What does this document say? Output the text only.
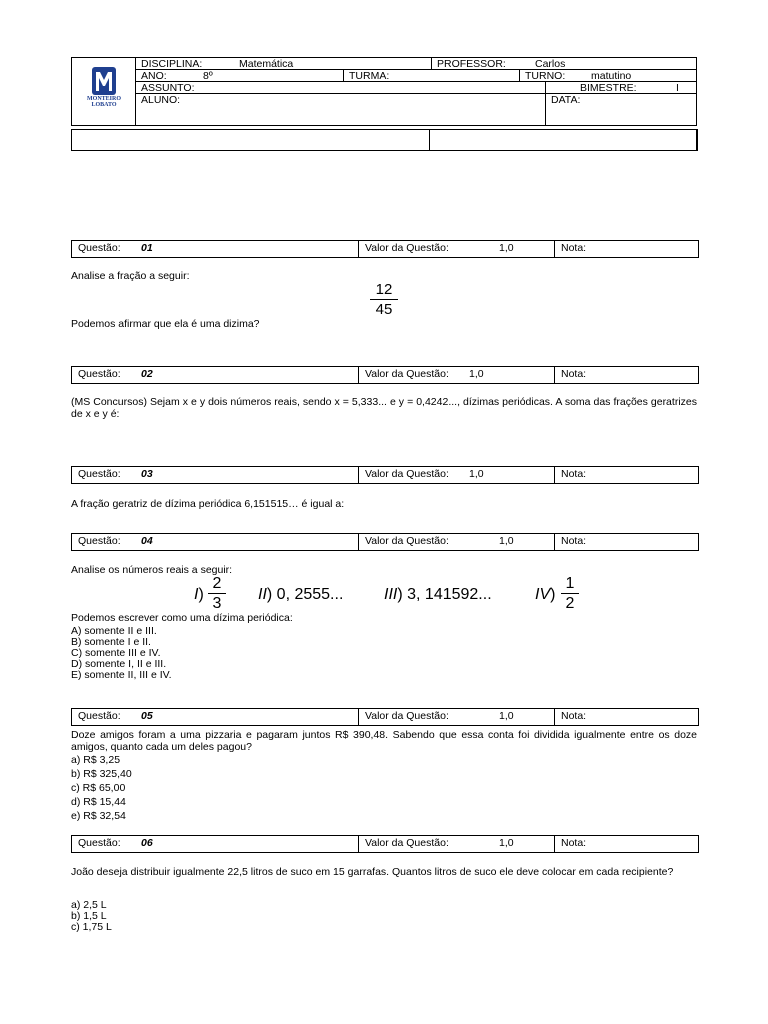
MONTEIRO
LOBATO
DISCIPLINA:	Matemática	PROFESSOR:	Carlos
ANO:	8º	TURMA:	TURNO: matutino
ASSUNTO:	BIMESTRE:	I
ALUNO:	DATA:
Questão: 01	Valor da Questão:	1,0	Nota:
Analise a fração a seguir:
12
45
Podemos afirmar que ela é uma dizima?
Questão: 02	Valor da Questão: 1,0	Nota:

(MS Concursos) Sejam x e y dois números reais, sendo x = 5,333... e y = 0,4242..., dízimas periódicas. A soma das frações geratrizes de x e y é:

Questão: 03	Valor da Questão: 1,0	Nota:
A fração geratriz de dízima periódica 6,151515… é igual a:
Questão: 04	Valor da Questão:	1,0	Nota:
Analise os números reais a seguir:
I)
2
3
II) 0, 2555...	III) 3, 141592...	IV)
1
2
Podemos escrever como uma dízima periódica:
A) somente II e III.
B) somente I e II.
C) somente III e IV.
D) somente I, II e III.
E) somente II, III e IV.
Questão: 05	Valor da Questão:	1,0	Nota:

Doze amigos foram a uma pizzaria e pagaram juntos R$ 390,48. Sabendo que essa conta foi dividida igualmente entre os doze amigos, quanto cada um deles pagou?

a) R$ 3,25
b) R$ 325,40
c) R$ 65,00
d) R$ 15,44
e) R$ 32,54
Questão: 06	Valor da Questão:	1,0	Nota:

João deseja distribuir igualmente 22,5 litros de suco em 15 garrafas. Quantos litros de suco ele deve colocar em cada recipiente?

a) 2,5 L
b) 1,5 L
c) 1,75 L
